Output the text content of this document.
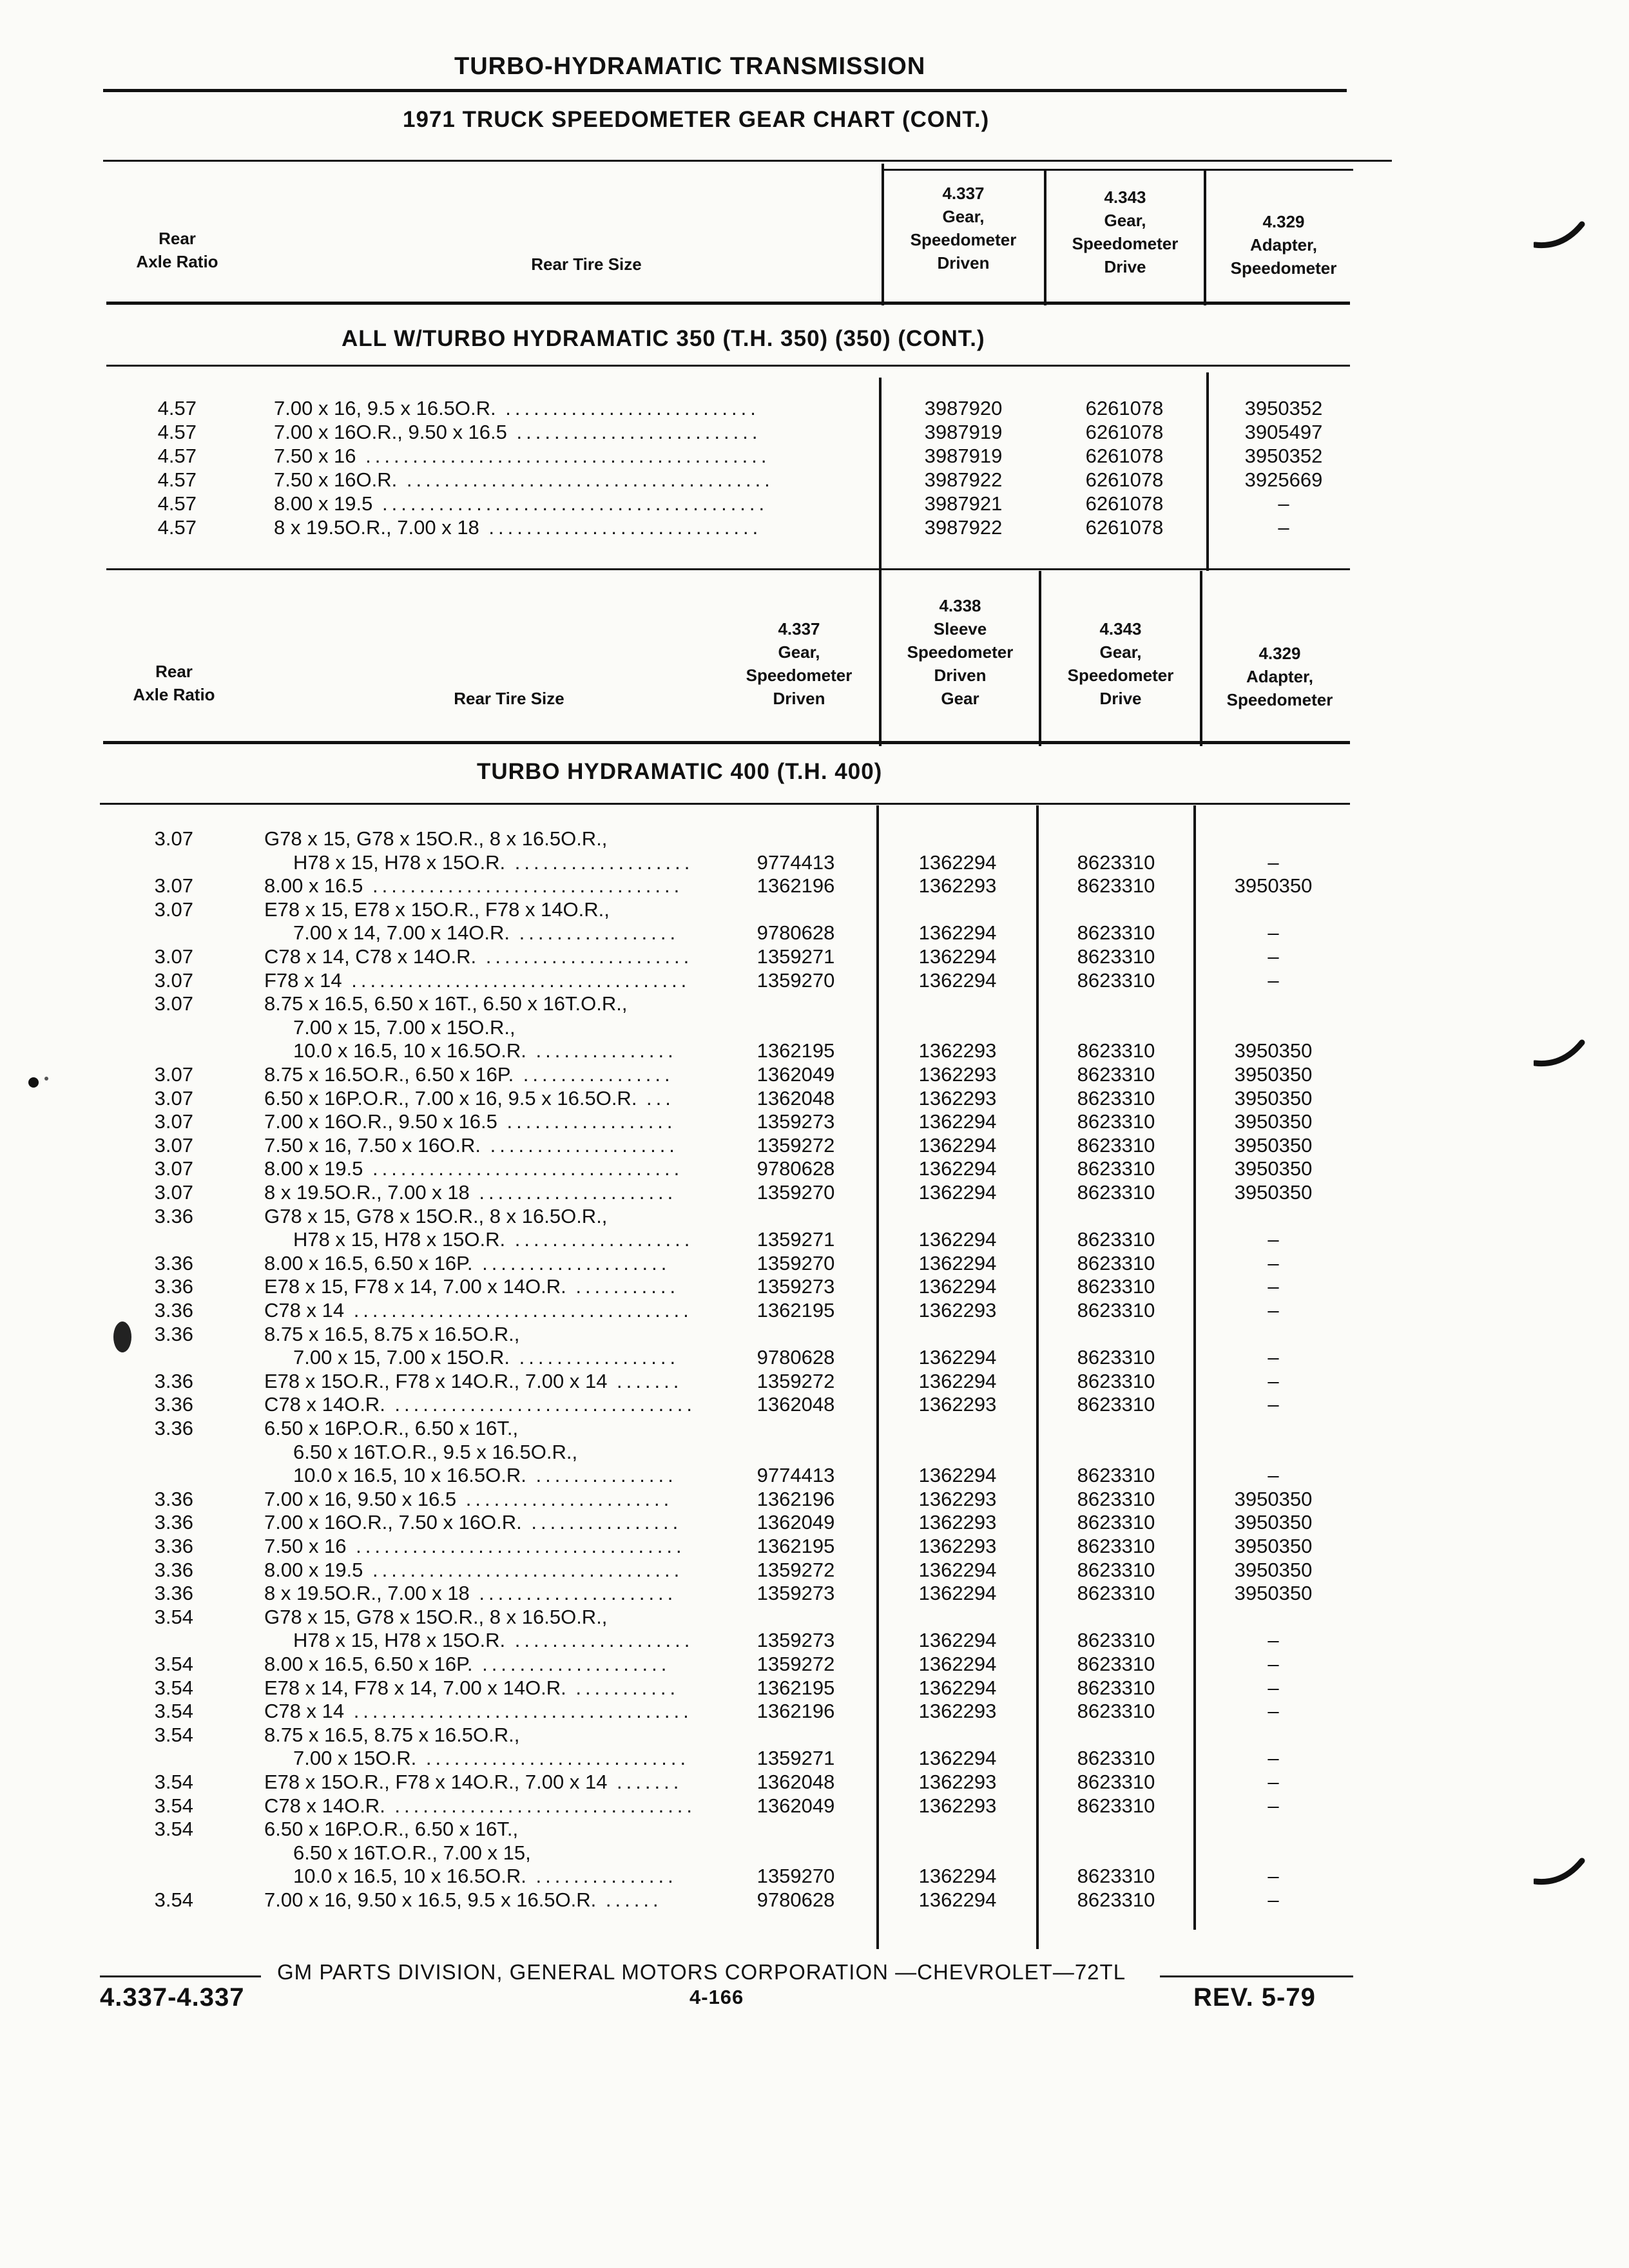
TURBO-HYDRAMATIC TRANSMISSION
1971 TRUCK SPEEDOMETER GEAR CHART (CONT.)
Rear
Axle Ratio	Rear Tire Size
4.337
Gear,
Speedometer
Driven
4.343
Gear,
Speedometer
Drive
4.329
Adapter,
Speedometer
ALL W/TURBO HYDRAMATIC 350 (T.H. 350) (350) (CONT.)
4.57	7.00 x 16, 9.5 x 16.5O.R. ...........................	3987920	6261078	3950352
4.57	7.00 x 16O.R., 9.50 x 16.5 ..........................	3987919	6261078	3905497
4.57	7.50 x 16 ...........................................	3987919	6261078	3950352
4.57	7.50 x 16O.R. .......................................	3987922	6261078	3925669
4.57	8.00 x 19.5 .........................................	3987921	6261078	–
4.57	8 x 19.5O.R., 7.00 x 18 .............................	3987922	6261078	–
Rear
Axle Ratio	Rear Tire Size
4.337
Gear,
Speedometer
Driven
4.338
Sleeve
Speedometer
Driven
Gear
4.343
Gear,
Speedometer
Drive
4.329
Adapter,
Speedometer
TURBO HYDRAMATIC 400 (T.H. 400)
3.07	G78 x 15, G78 x 15O.R., 8 x 16.5O.R.,
H78 x 15, H78 x 15O.R. ...................	9774413	1362294	8623310	–
3.07	8.00 x 16.5 .................................	1362196	1362293	8623310	3950350
3.07	E78 x 15, E78 x 15O.R., F78 x 14O.R.,
7.00 x 14, 7.00 x 14O.R. .................	9780628	1362294	8623310	–
3.07	C78 x 14, C78 x 14O.R. ......................	1359271	1362294	8623310	–
3.07	F78 x 14 ....................................	1359270	1362294	8623310	–
3.07	8.75 x 16.5, 6.50 x 16T., 6.50 x 16T.O.R.,
7.00 x 15, 7.00 x 15O.R.,
10.0 x 16.5, 10 x 16.5O.R. ...............	1362195	1362293	8623310	3950350
3.07	8.75 x 16.5O.R., 6.50 x 16P. ................	1362049	1362293	8623310	3950350
3.07	6.50 x 16P.O.R., 7.00 x 16, 9.5 x 16.5O.R. ...	1362048	1362293	8623310	3950350
3.07	7.00 x 16O.R., 9.50 x 16.5 ..................	1359273	1362294	8623310	3950350
3.07	7.50 x 16, 7.50 x 16O.R. ....................	1359272	1362294	8623310	3950350
3.07	8.00 x 19.5 .................................	9780628	1362294	8623310	3950350
3.07	8 x 19.5O.R., 7.00 x 18 .....................	1359270	1362294	8623310	3950350
3.36	G78 x 15, G78 x 15O.R., 8 x 16.5O.R.,
H78 x 15, H78 x 15O.R. ...................	1359271	1362294	8623310	–
3.36	8.00 x 16.5, 6.50 x 16P. ....................	1359270	1362294	8623310	–
3.36	E78 x 15, F78 x 14, 7.00 x 14O.R. ...........	1359273	1362294	8623310	–
3.36	C78 x 14 ....................................	1362195	1362293	8623310	–
3.36	8.75 x 16.5, 8.75 x 16.5O.R.,
7.00 x 15, 7.00 x 15O.R. .................	9780628	1362294	8623310	–
3.36	E78 x 15O.R., F78 x 14O.R., 7.00 x 14 .......	1359272	1362294	8623310	–
3.36	C78 x 14O.R. ................................	1362048	1362293	8623310	–
3.36	6.50 x 16P.O.R., 6.50 x 16T.,
6.50 x 16T.O.R., 9.5 x 16.5O.R.,
10.0 x 16.5, 10 x 16.5O.R. ...............	9774413	1362294	8623310	–
3.36	7.00 x 16, 9.50 x 16.5 ......................	1362196	1362293	8623310	3950350
3.36	7.00 x 16O.R., 7.50 x 16O.R. ................	1362049	1362293	8623310	3950350
3.36	7.50 x 16 ...................................	1362195	1362293	8623310	3950350
3.36	8.00 x 19.5 .................................	1359272	1362294	8623310	3950350
3.36	8 x 19.5O.R., 7.00 x 18 .....................	1359273	1362294	8623310	3950350
3.54	G78 x 15, G78 x 15O.R., 8 x 16.5O.R.,
H78 x 15, H78 x 15O.R. ...................	1359273	1362294	8623310	–
3.54	8.00 x 16.5, 6.50 x 16P. ....................	1359272	1362294	8623310	–
3.54	E78 x 14, F78 x 14, 7.00 x 14O.R. ...........	1362195	1362294	8623310	–
3.54	C78 x 14 ....................................	1362196	1362293	8623310	–
3.54	8.75 x 16.5, 8.75 x 16.5O.R.,
7.00 x 15O.R. ............................	1359271	1362294	8623310	–
3.54	E78 x 15O.R., F78 x 14O.R., 7.00 x 14 .......	1362048	1362293	8623310	–
3.54	C78 x 14O.R. ................................	1362049	1362293	8623310	–
3.54	6.50 x 16P.O.R., 6.50 x 16T.,
6.50 x 16T.O.R., 7.00 x 15,
10.0 x 16.5, 10 x 16.5O.R. ...............	1359270	1362294	8623310	–
3.54	7.00 x 16, 9.50 x 16.5, 9.5 x 16.5O.R. ......	9780628	1362294	8623310	–
GM PARTS DIVISION, GENERAL MOTORS CORPORATION —CHEVROLET—72TL
4.337-4.337	4-166	REV. 5-79
